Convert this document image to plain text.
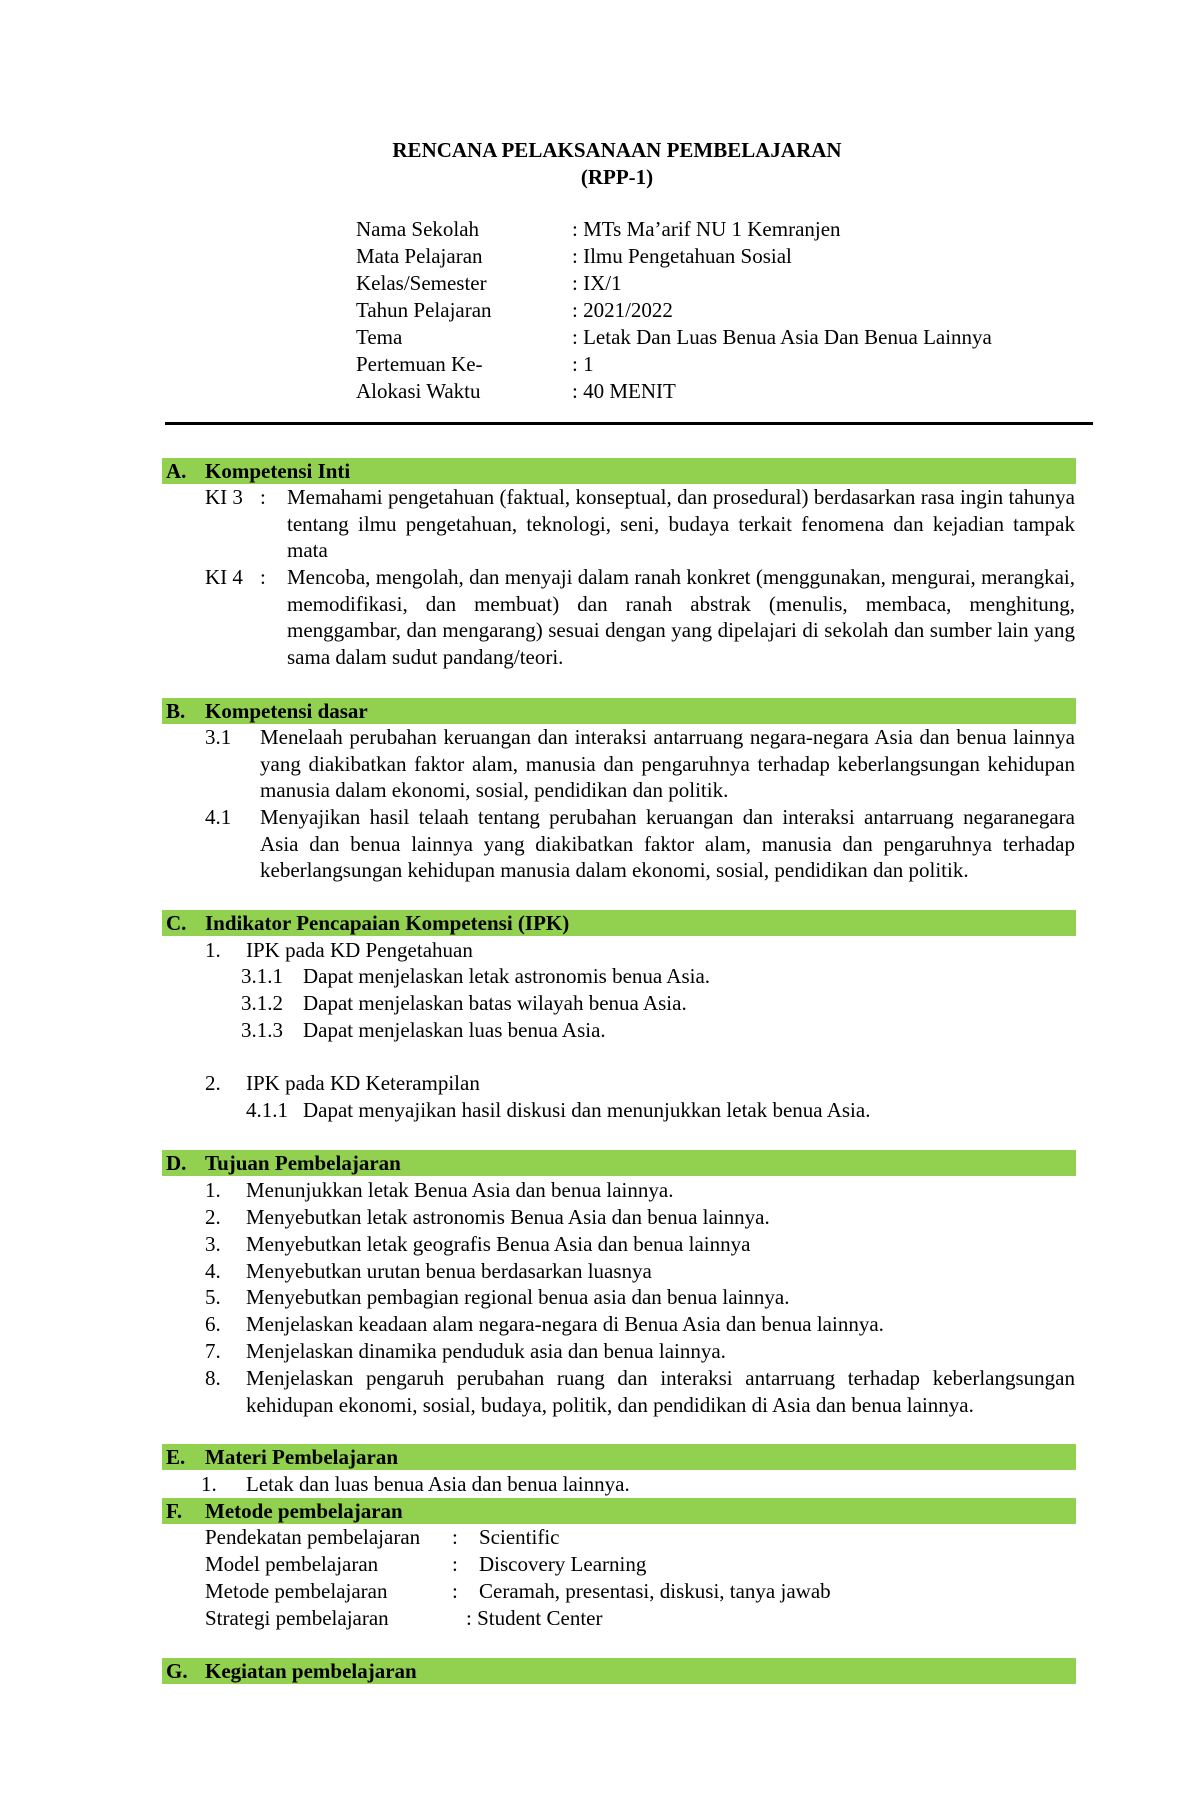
RENCANA PELAKSANAAN PEMBELAJARAN
(RPP-1)
Nama Sekolah	: MTs Ma’arif NU 1 Kemranjen
Mata Pelajaran	: Ilmu Pengetahuan Sosial
Kelas/Semester	: IX/1
Tahun Pelajaran	: 2021/2022
Tema	: Letak Dan Luas Benua Asia Dan Benua Lainnya
Pertemuan Ke-	: 1
Alokasi Waktu	: 40 MENIT
A. Kompetensi Inti
KI 3 : Memahami pengetahuan (faktual, konseptual, dan prosedural) berdasarkan rasa ingin tahunya tentang ilmu pengetahuan, teknologi, seni, budaya terkait fenomena dan kejadian tampak mata
KI 4 : Mencoba, mengolah, dan menyaji dalam ranah konkret (menggunakan, mengurai, merangkai, memodifikasi, dan membuat) dan ranah abstrak (menulis, membaca, menghitung, menggambar, dan mengarang) sesuai dengan yang dipelajari di sekolah dan sumber lain yang sama dalam sudut pandang/teori.
B. Kompetensi dasar
3.1 Menelaah perubahan keruangan dan interaksi antarruang negara-negara Asia dan benua lainnya yang diakibatkan faktor alam, manusia dan pengaruhnya terhadap keberlangsungan kehidupan manusia dalam ekonomi, sosial, pendidikan dan politik.
4.1 Menyajikan hasil telaah tentang perubahan keruangan dan interaksi antarruang negaranegara Asia dan benua lainnya yang diakibatkan faktor alam, manusia dan pengaruhnya terhadap keberlangsungan kehidupan manusia dalam ekonomi, sosial, pendidikan dan politik.
C. Indikator Pencapaian Kompetensi (IPK)
1. IPK pada KD Pengetahuan
3.1.1 Dapat menjelaskan letak astronomis benua Asia.
3.1.2 Dapat menjelaskan batas wilayah benua Asia.
3.1.3 Dapat menjelaskan luas benua Asia.
2. IPK pada KD Keterampilan
4.1.1 Dapat menyajikan hasil diskusi dan menunjukkan letak benua Asia.
D. Tujuan Pembelajaran
1. Menunjukkan letak Benua Asia dan benua lainnya.
2. Menyebutkan letak astronomis Benua Asia dan benua lainnya.
3. Menyebutkan letak geografis Benua Asia dan benua lainnya
4. Menyebutkan urutan benua berdasarkan luasnya
5. Menyebutkan pembagian regional benua asia dan benua lainnya.
6. Menjelaskan keadaan alam negara-negara di Benua Asia dan benua lainnya.
7. Menjelaskan dinamika penduduk asia dan benua lainnya.
8. Menjelaskan pengaruh perubahan ruang dan interaksi antarruang terhadap keberlangsungan kehidupan ekonomi, sosial, budaya, politik, dan pendidikan di Asia dan benua lainnya.
E. Materi Pembelajaran
1. Letak dan luas benua Asia dan benua lainnya.
F. Metode pembelajaran
Pendekatan pembelajaran : Scientific
Model pembelajaran	: Discovery Learning
Metode pembelajaran	: Ceramah, presentasi, diskusi, tanya jawab
Strategi pembelajaran	: Student Center
G. Kegiatan pembelajaran
